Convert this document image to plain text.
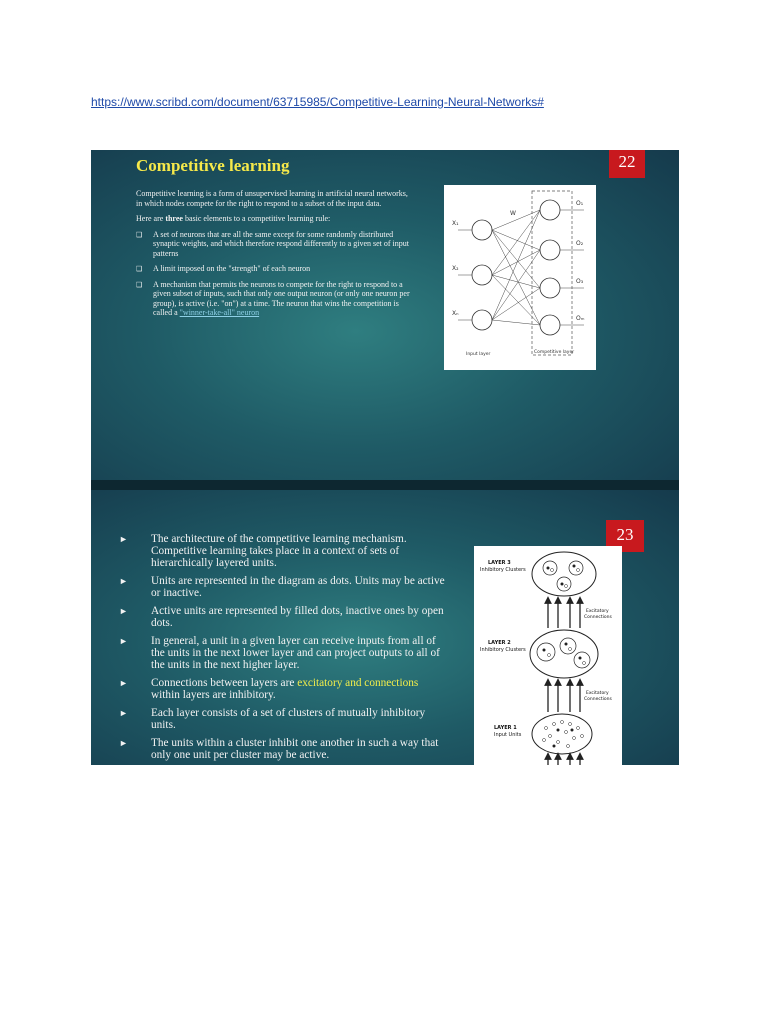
https://www.scribd.com/document/63715985/Competitive-Learning-Neural-Networks#
22
Competitive learning

Competitive learning is a form of unsupervised learning in artificial neural networks, in which nodes compete for the right to respond to a subset of the input data.

Here are three basic elements to a competitive learning rule:

❑ A set of neurons that are all the same except for some randomly distributed synaptic weights, and which therefore respond differently to a given set of input patterns
❑ A limit imposed on the "strength" of each neuron
❑ A mechanism that permits the neurons to compete for the right to respond to a given subset of inputs, such that only one output neuron (or only one neuron per group), is active (i.e. "on") at a time. The neuron that wins the competition is called a "winner-take-all" neuron
X₁
X₂
Xₙ
O₁
O₂
O₃
Oₘ
W
Input layer	Competitive layer
23
► The architecture of the competitive learning mechanism. Competitive learning takes place in a context of sets of hierarchically layered units.
► Units are represented in the diagram as dots. Units may be active or inactive.
► Active units are represented by filled dots, inactive ones by open dots.
► In general, a unit in a given layer can receive inputs from all of the units in the next lower layer and can project outputs to all of the units in the next higher layer.
► Connections between layers are excitatory and connections within layers are inhibitory.
► Each layer consists of a set of clusters of mutually inhibitory units.
► The units within a cluster inhibit one another in such a way that only one unit per cluster may be active.
LAYER 3
Inhibitory Clusters
LAYER 2
Inhibitory Clusters
LAYER 1
Input Units
Excitatory
Connections
Excitatory
Connections
